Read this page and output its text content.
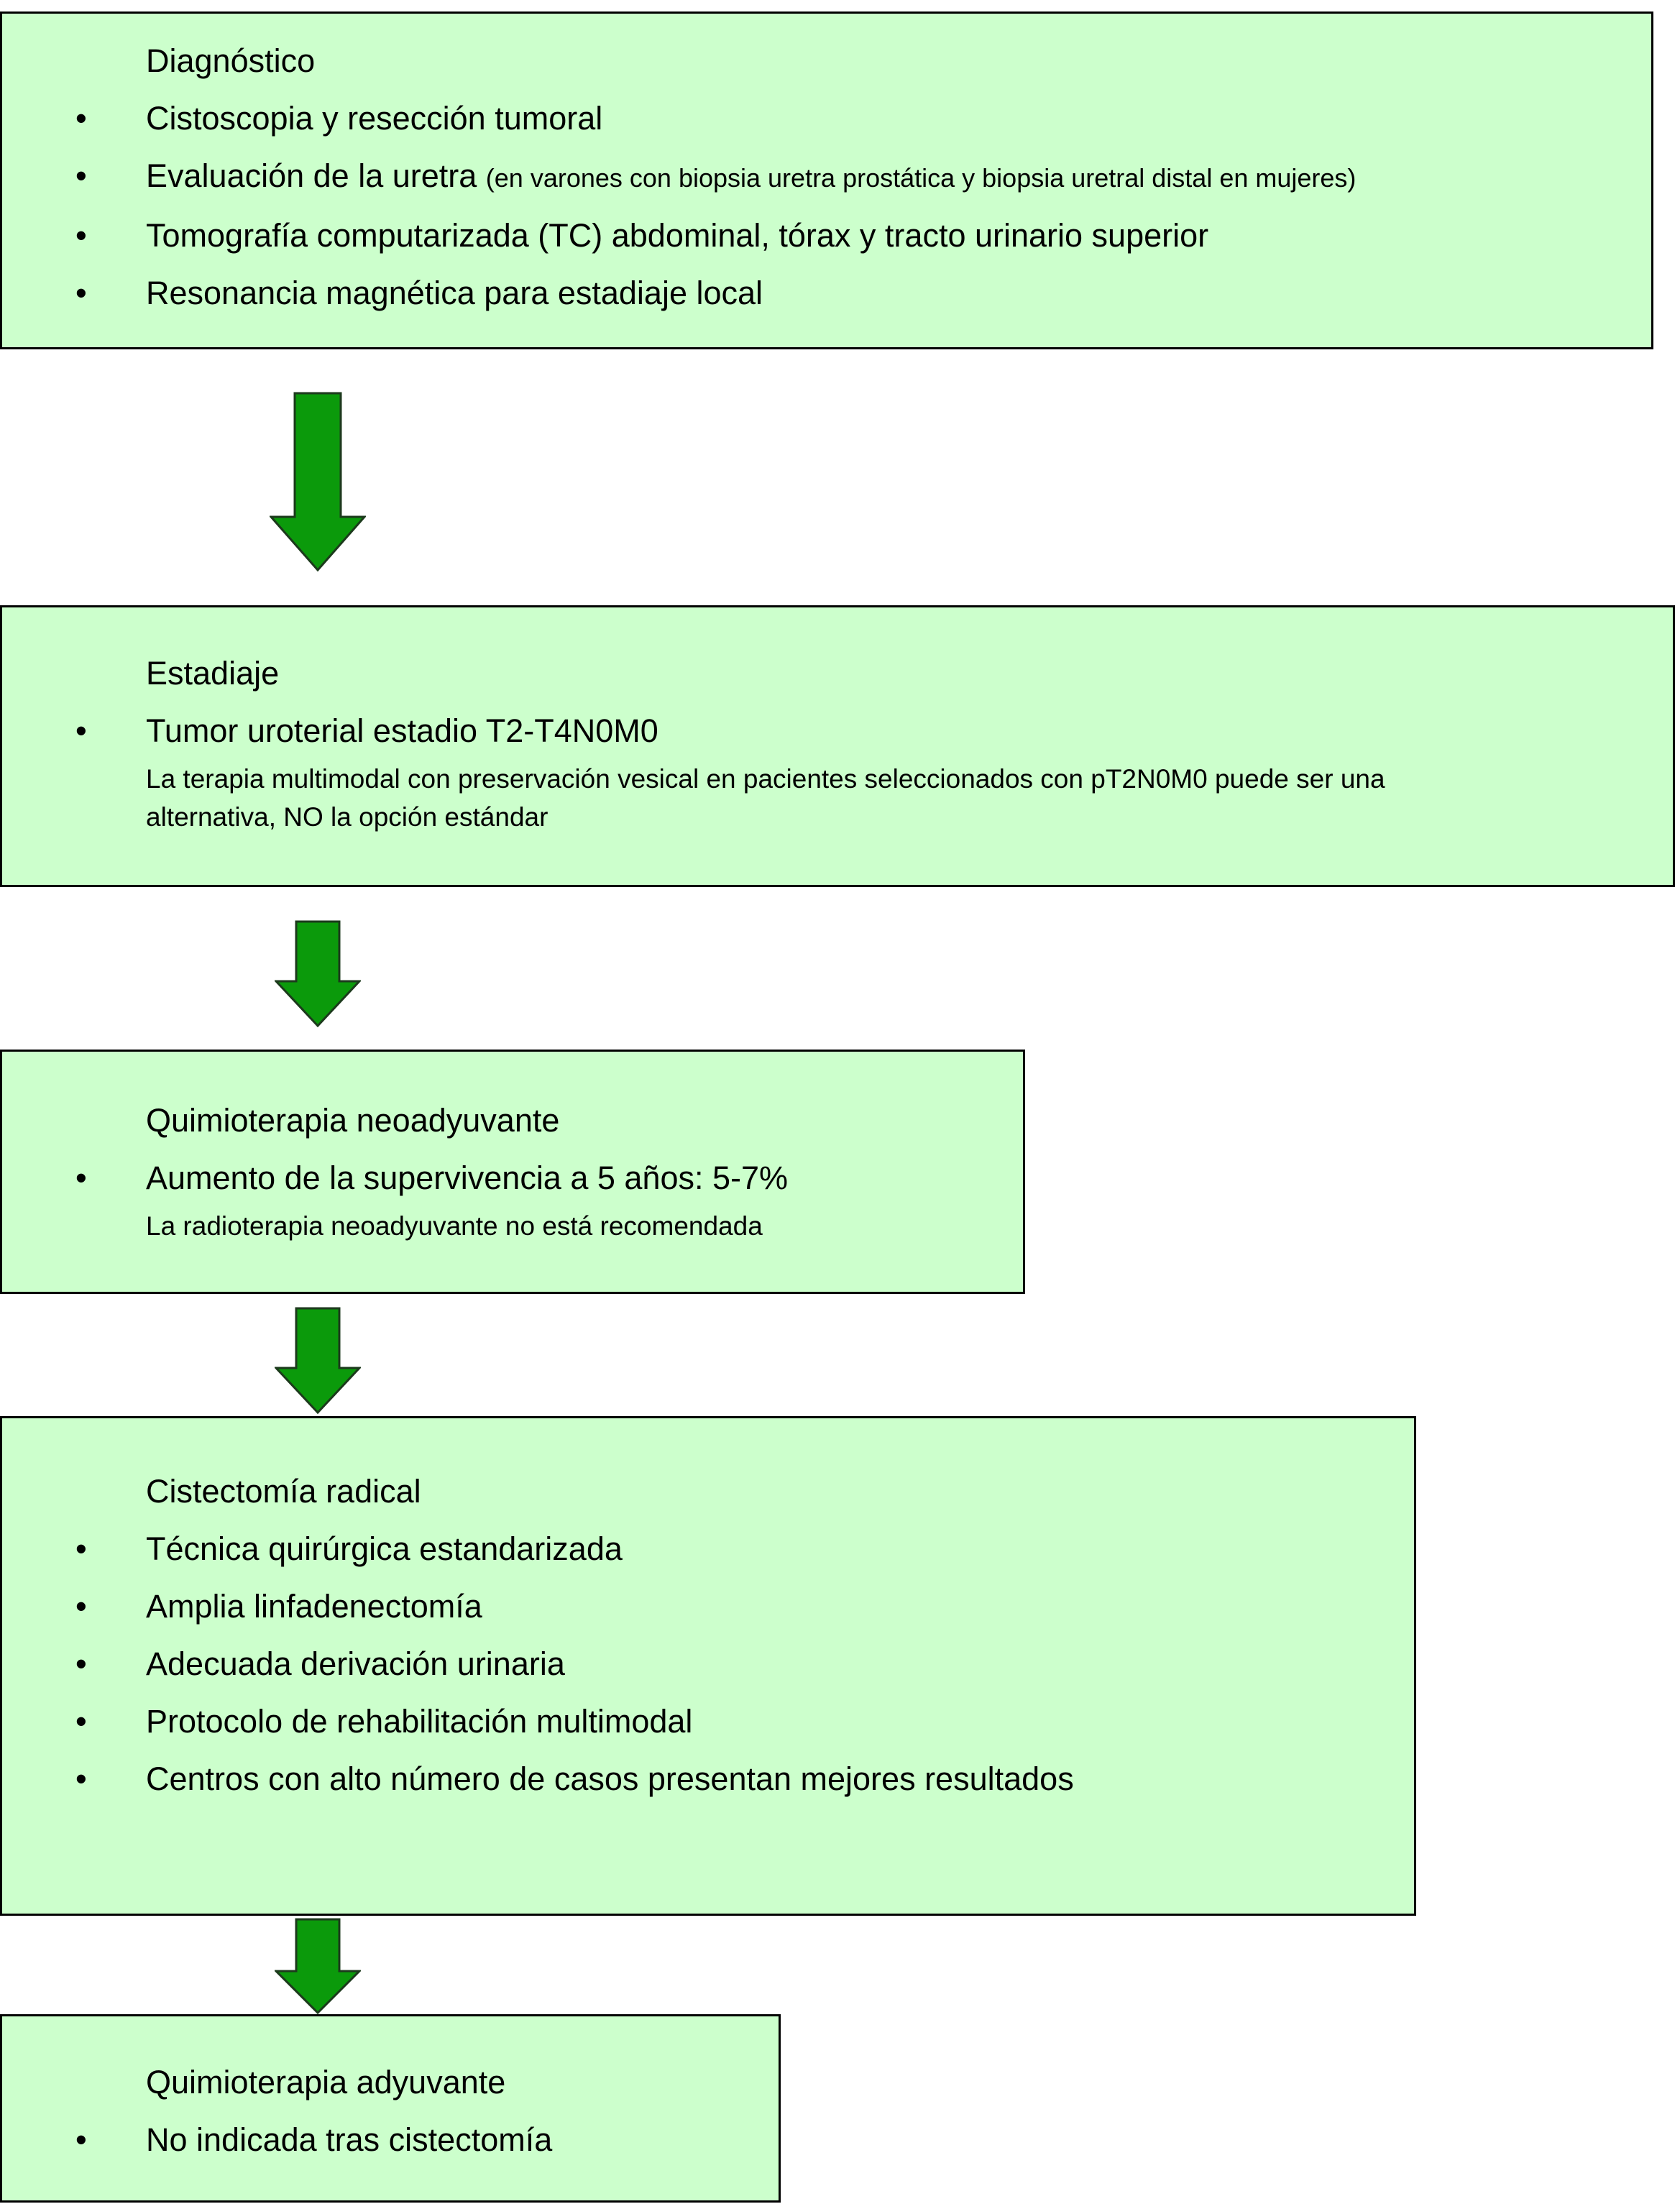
Diagnóstico
• Cistoscopia y resección tumoral
• Evaluación de la uretra (en varones con biopsia uretra prostática y biopsia uretral distal en mujeres)
• Tomografía computarizada (TC) abdominal, tórax y tracto urinario superior
• Resonancia magnética para estadiaje local
Estadiaje
• Tumor uroterial estadio T2-T4N0M0
La terapia multimodal con preservación vesical en pacientes seleccionados con pT2N0M0 puede ser una alternativa, NO la opción estándar
Quimioterapia neoadyuvante
• Aumento de la supervivencia a 5 años: 5-7%
La radioterapia neoadyuvante no está recomendada
Cistectomía radical
• Técnica quirúrgica estandarizada
• Amplia linfadenectomía
• Adecuada derivación urinaria
• Protocolo de rehabilitación multimodal
• Centros con alto número de casos presentan mejores resultados
Quimioterapia adyuvante
• No indicada tras cistectomía
